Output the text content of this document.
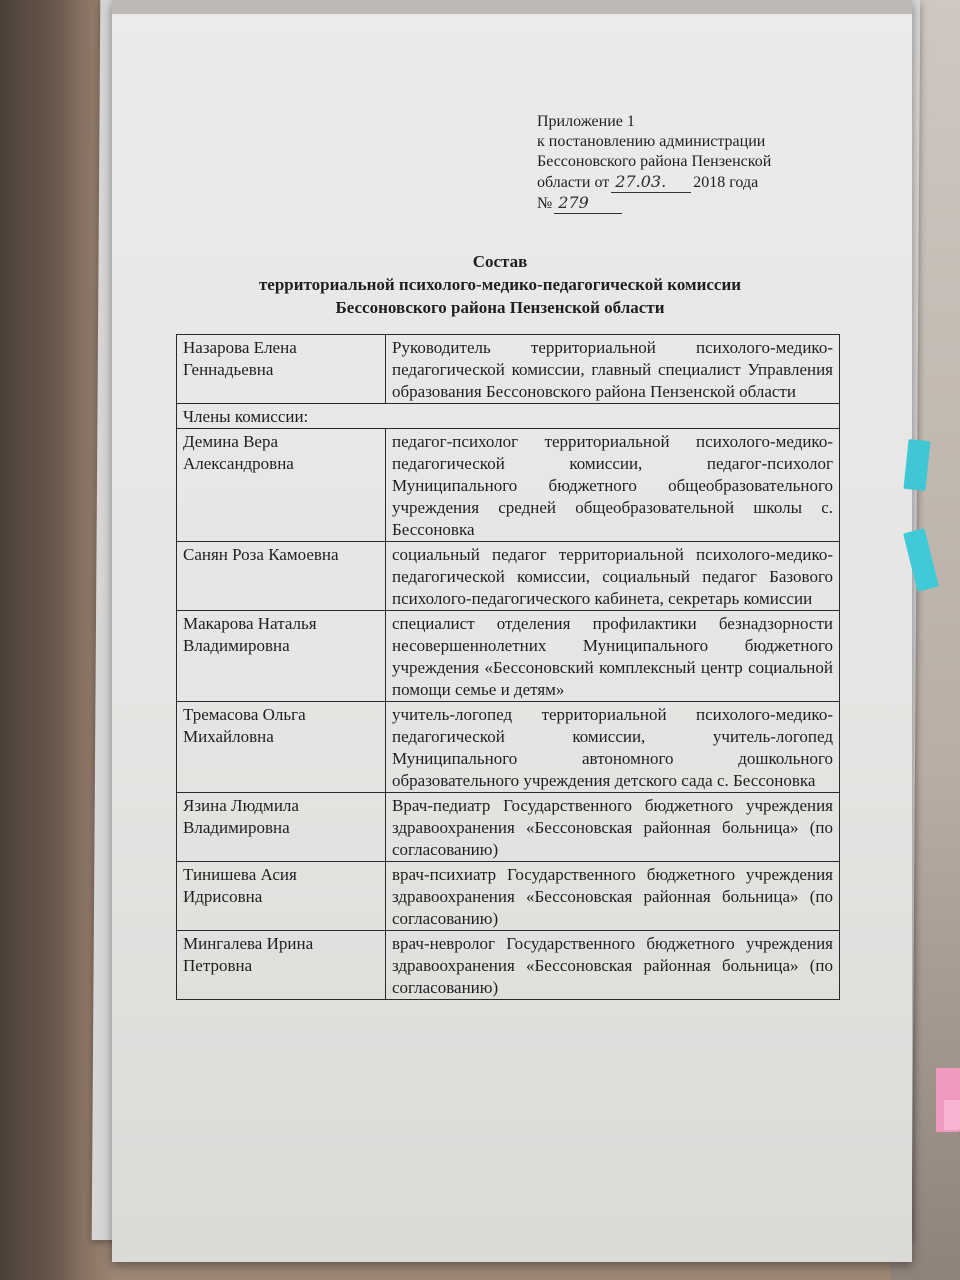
Приложение 1
к постановлению администрации
Бессоновского района Пензенской
области от 27.03. 2018 года
№ 279
Состав
территориальной психолого-медико-педагогической комиссии
Бессоновского района Пензенской области
Назарова Елена Геннадьевна	Руководитель территориальной психолого-медико-педагогической комиссии, главный специалист Управления образования Бессоновского района Пензенской области
Члены комиссии:	
Демина Вера Александровна	педагог-психолог территориальной психолого-медико-педагогической комиссии, педагог-психолог Муниципального бюджетного общеобразовательного учреждения средней общеобразовательной школы с. Бессоновка
Санян Роза Камоевна	социальный педагог территориальной психолого-медико-педагогической комиссии, социальный педагог Базового психолого-педагогического кабинета, секретарь комиссии
Макарова Наталья Владимировна	специалист отделения профилактики безнадзорности несовершеннолетних Муниципального бюджетного учреждения «Бессоновский комплексный центр социальной помощи семье и детям»
Тремасова Ольга Михайловна	учитель-логопед территориальной психолого-медико-педагогической комиссии, учитель-логопед Муниципального автономного дошкольного образовательного учреждения детского сада с. Бессоновка
Язина Людмила Владимировна	Врач-педиатр Государственного бюджетного учреждения здравоохранения «Бессоновская районная больница» (по согласованию)
Тинишева Асия Идрисовна	врач-психиатр Государственного бюджетного учреждения здравоохранения «Бессоновская районная больница» (по согласованию)
Мингалева Ирина Петровна	врач-невролог Государственного бюджетного учреждения здравоохранения «Бессоновская районная больница» (по согласованию)
